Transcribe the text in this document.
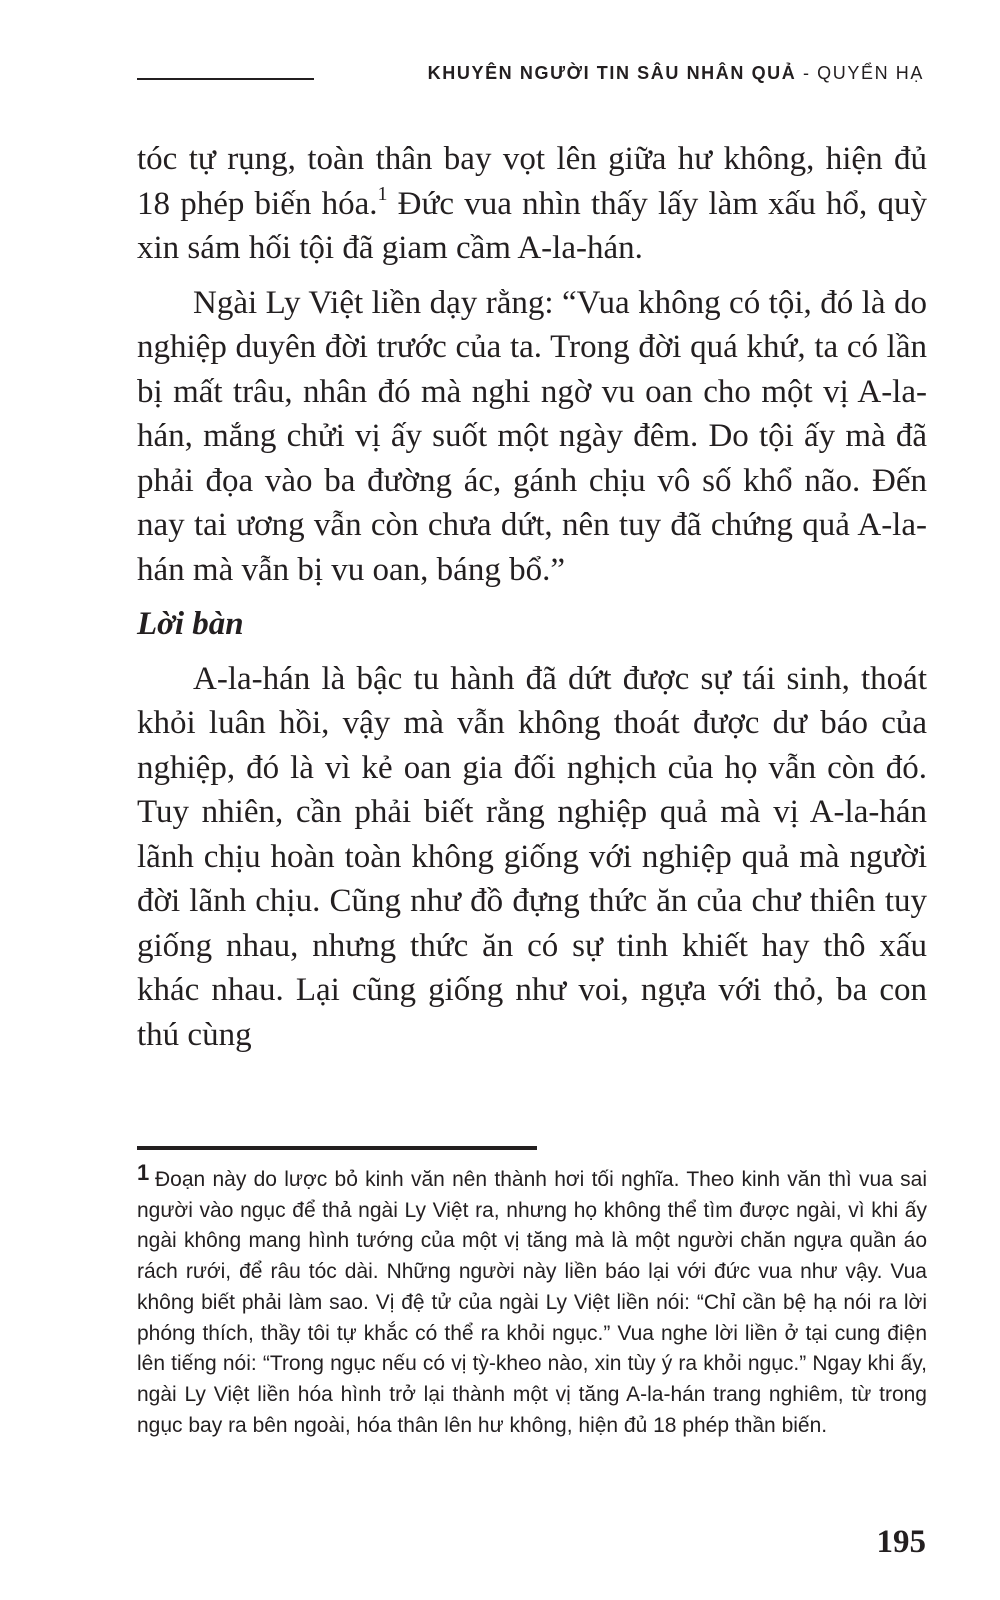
KHUYÊN NGƯỜI TIN SÂU NHÂN QUẢ - QUYỂN HẠ

tóc tự rụng, toàn thân bay vọt lên giữa hư không, hiện đủ 18 phép biến hóa.$^1$ Đức vua nhìn thấy lấy làm xấu hổ, quỳ xin sám hối tội đã giam cầm A-la-hán.

Ngài Ly Việt liền dạy rằng: “Vua không có tội, đó là do nghiệp duyên đời trước của ta. Trong đời quá khứ, ta có lần bị mất trâu, nhân đó mà nghi ngờ vu oan cho một vị A-la-hán, mắng chửi vị ấy suốt một ngày đêm. Do tội ấy mà đã phải đọa vào ba đường ác, gánh chịu vô số khổ não. Đến nay tai ương vẫn còn chưa dứt, nên tuy đã chứng quả A-la-hán mà vẫn bị vu oan, báng bổ.”

Lời bàn

A-la-hán là bậc tu hành đã dứt được sự tái sinh, thoát khỏi luân hồi, vậy mà vẫn không thoát được dư báo của nghiệp, đó là vì kẻ oan gia đối nghịch của họ vẫn còn đó. Tuy nhiên, cần phải biết rằng nghiệp quả mà vị A-la-hán lãnh chịu hoàn toàn không giống với nghiệp quả mà người đời lãnh chịu. Cũng như đồ đựng thức ăn của chư thiên tuy giống nhau, nhưng thức ăn có sự tinh khiết hay thô xấu khác nhau. Lại cũng giống như voi, ngựa với thỏ, ba con thú cùng

1 Đoạn này do lược bỏ kinh văn nên thành hơi tối nghĩa. Theo kinh văn thì vua sai người vào ngục để thả ngài Ly Việt ra, nhưng họ không thể tìm được ngài, vì khi ấy ngài không mang hình tướng của một vị tăng mà là một người chăn ngựa quần áo rách rưới, để râu tóc dài. Những người này liền báo lại với đức vua như vậy. Vua không biết phải làm sao. Vị đệ tử của ngài Ly Việt liền nói: “Chỉ cần bệ hạ nói ra lời phóng thích, thầy tôi tự khắc có thể ra khỏi ngục.” Vua nghe lời liền ở tại cung điện lên tiếng nói: “Trong ngục nếu có vị tỳ-kheo nào, xin tùy ý ra khỏi ngục.” Ngay khi ấy, ngài Ly Việt liền hóa hình trở lại thành một vị tăng A-la-hán trang nghiêm, từ trong ngục bay ra bên ngoài, hóa thân lên hư không, hiện đủ 18 phép thần biến.
195
